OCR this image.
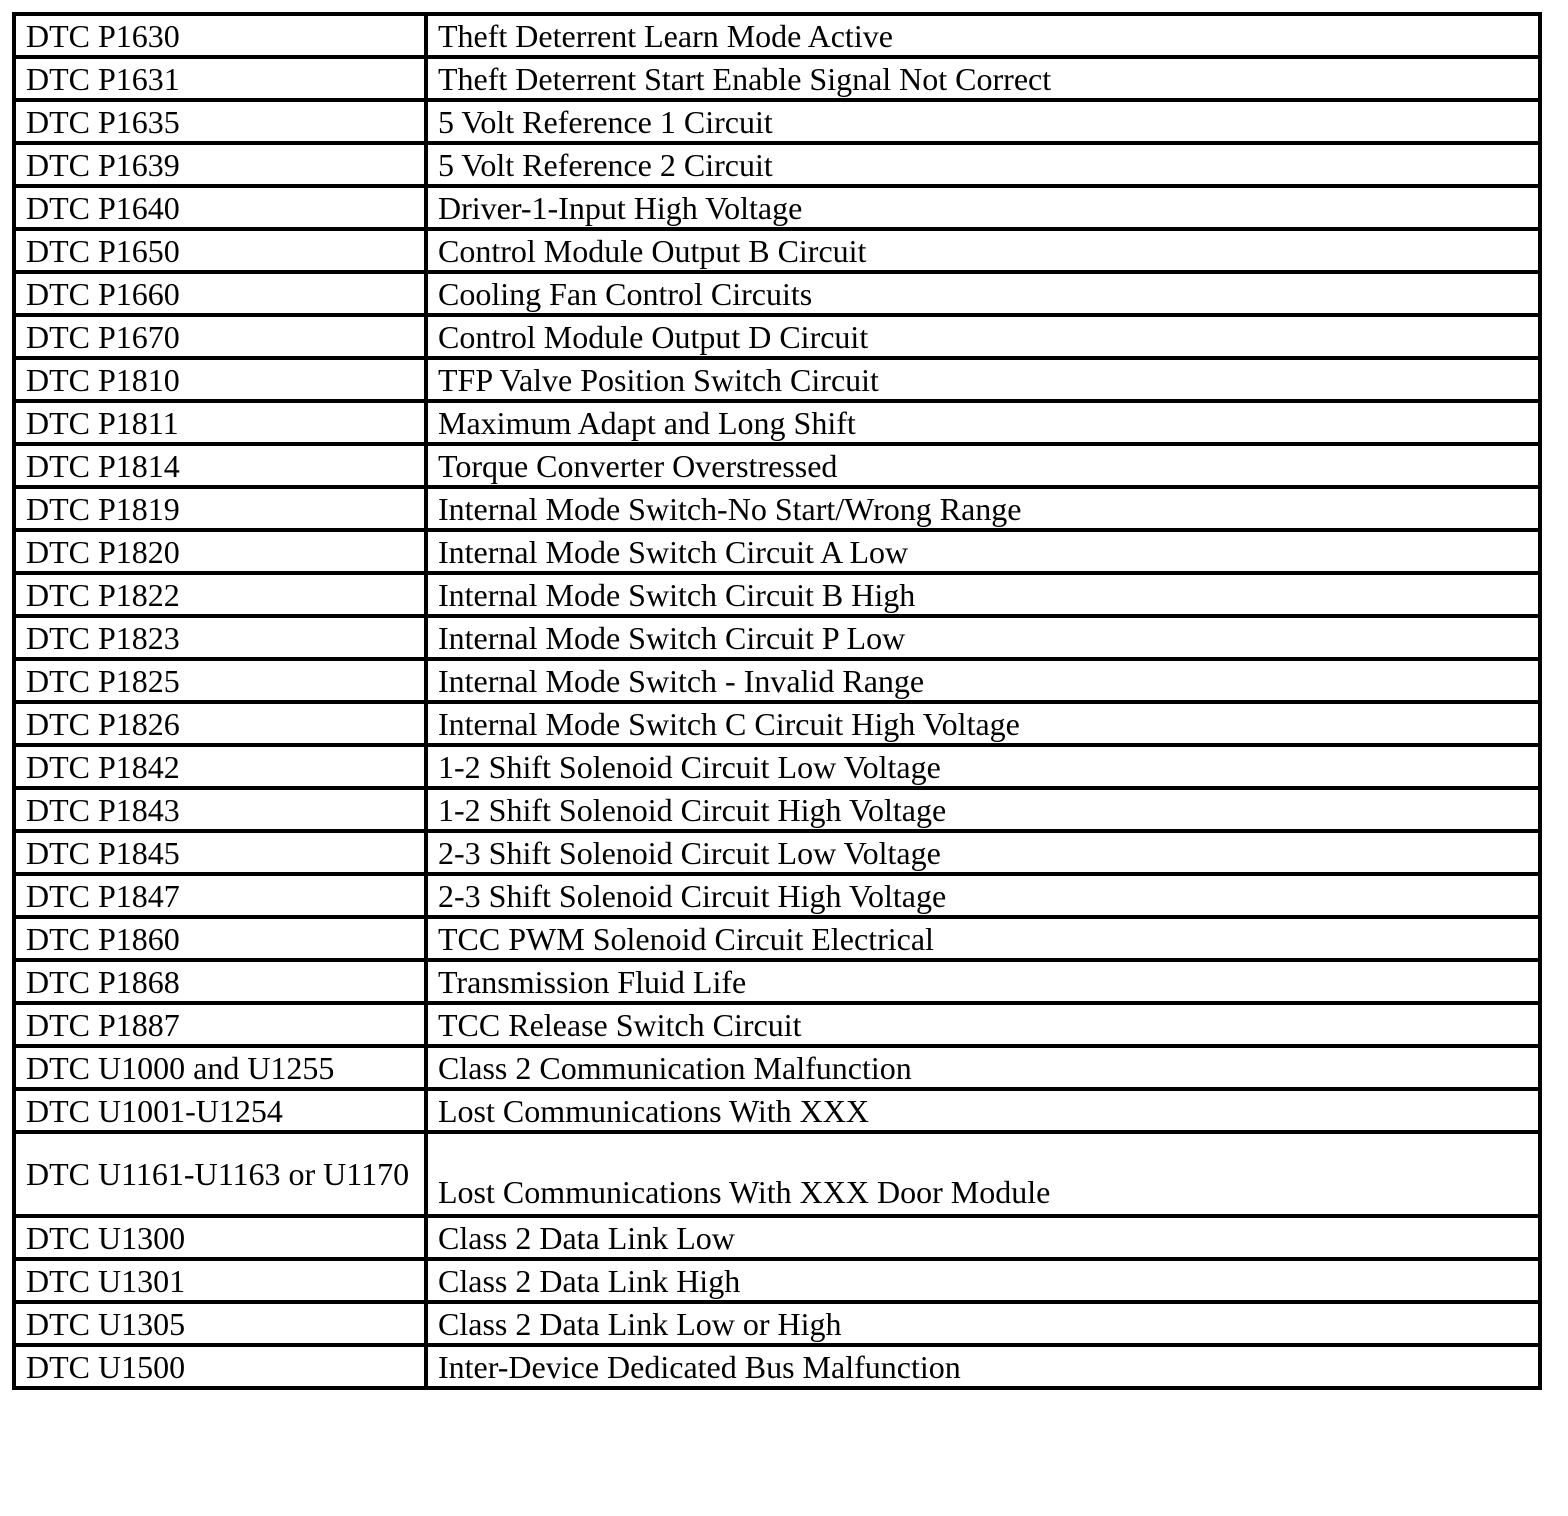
DTC P1630	Theft Deterrent Learn Mode Active
DTC P1631	Theft Deterrent Start Enable Signal Not Correct
DTC P1635	5 Volt Reference 1 Circuit
DTC P1639	5 Volt Reference 2 Circuit
DTC P1640	Driver-1-Input High Voltage
DTC P1650	Control Module Output B Circuit
DTC P1660	Cooling Fan Control Circuits
DTC P1670	Control Module Output D Circuit
DTC P1810	TFP Valve Position Switch Circuit
DTC P1811	Maximum Adapt and Long Shift
DTC P1814	Torque Converter Overstressed
DTC P1819	Internal Mode Switch-No Start/Wrong Range
DTC P1820	Internal Mode Switch Circuit A Low
DTC P1822	Internal Mode Switch Circuit B High
DTC P1823	Internal Mode Switch Circuit P Low
DTC P1825	Internal Mode Switch - Invalid Range
DTC P1826	Internal Mode Switch C Circuit High Voltage
DTC P1842	1-2 Shift Solenoid Circuit Low Voltage
DTC P1843	1-2 Shift Solenoid Circuit High Voltage
DTC P1845	2-3 Shift Solenoid Circuit Low Voltage
DTC P1847	2-3 Shift Solenoid Circuit High Voltage
DTC P1860	TCC PWM Solenoid Circuit Electrical
DTC P1868	Transmission Fluid Life
DTC P1887	TCC Release Switch Circuit
DTC U1000 and U1255	Class 2 Communication Malfunction
DTC U1001-U1254	Lost Communications With XXX
DTC U1161-U1163 or U1170	Lost Communications With XXX Door Module
DTC U1300	Class 2 Data Link Low
DTC U1301	Class 2 Data Link High
DTC U1305	Class 2 Data Link Low or High
DTC U1500	Inter-Device Dedicated Bus Malfunction
